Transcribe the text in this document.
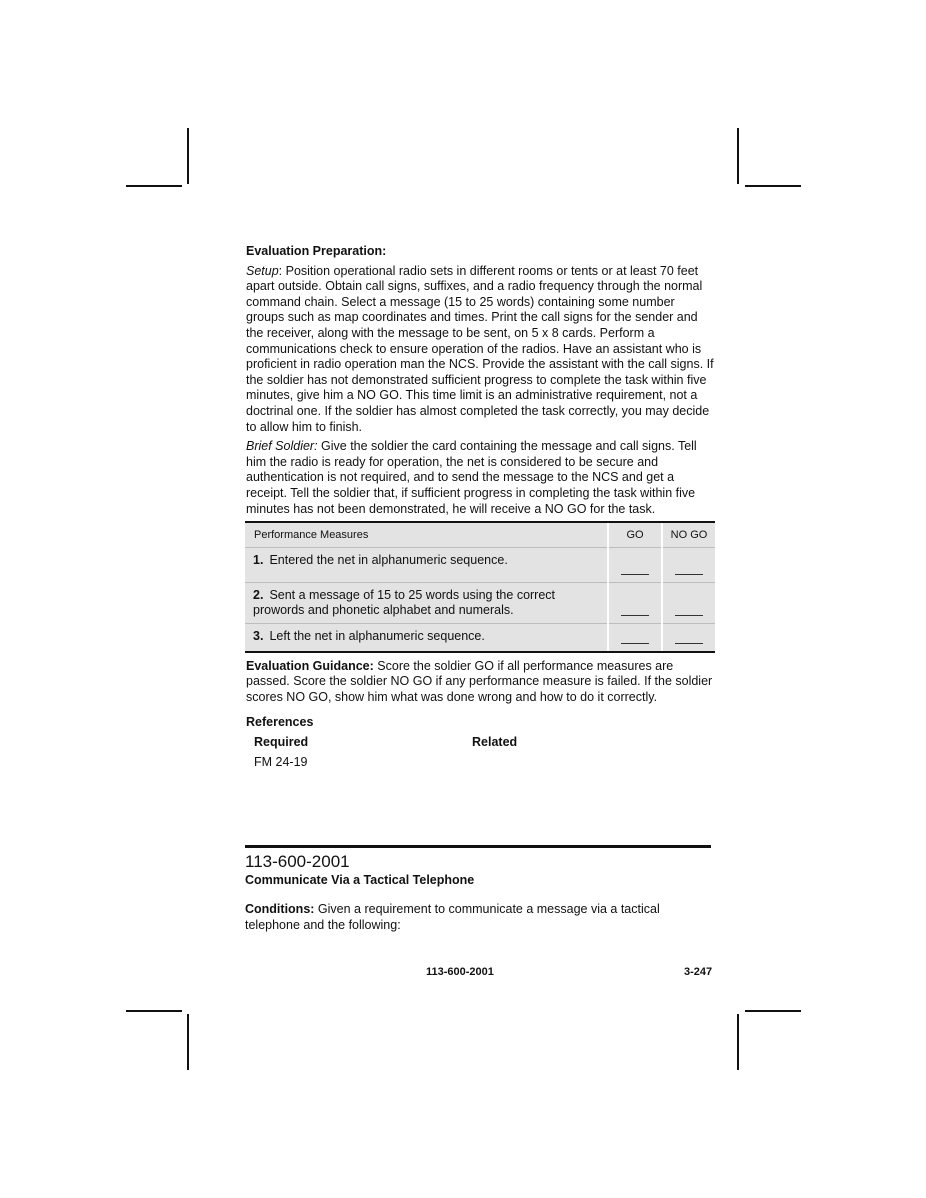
Evaluation Preparation:

Setup: Position operational radio sets in different rooms or tents or at least 70 feet apart outside. Obtain call signs, suffixes, and a radio frequency through the normal command chain. Select a message (15 to 25 words) containing some number groups such as map coordinates and times. Print the call signs for the sender and the receiver, along with the message to be sent, on 5 x 8 cards. Perform a communications check to ensure operation of the radios. Have an assistant who is proficient in radio operation man the NCS. Provide the assistant with the call signs. If the soldier has not demonstrated sufficient progress to complete the task within five minutes, give him a NO GO. This time limit is an administrative requirement, not a doctrinal one. If the soldier has almost completed the task correctly, you may decide to allow him to finish.

Brief Soldier: Give the soldier the card containing the message and call signs. Tell him the radio is ready for operation, the net is considered to be secure and authentication is not required, and to send the message to the NCS and get a receipt. Tell the soldier that, if sufficient progress in completing the task within five minutes has not been demonstrated, he will receive a NO GO for the task.

Performance Measures	GO	NO GO
1. Entered the net in alphanumeric sequence.		
2. Sent a message of 15 to 25 words using the correct prowords and phonetic alphabet and numerals.		
3. Left the net in alphanumeric sequence.		

Evaluation Guidance: Score the soldier GO if all performance measures are passed. Score the soldier NO GO if any performance measure is failed. If the soldier scores NO GO, show him what was done wrong and how to do it correctly.

References
Required	Related
FM 24-19
113-600-2001
Communicate Via a Tactical Telephone

Conditions: Given a requirement to communicate a message via a tactical telephone and the following:

113-600-2001	3-247
